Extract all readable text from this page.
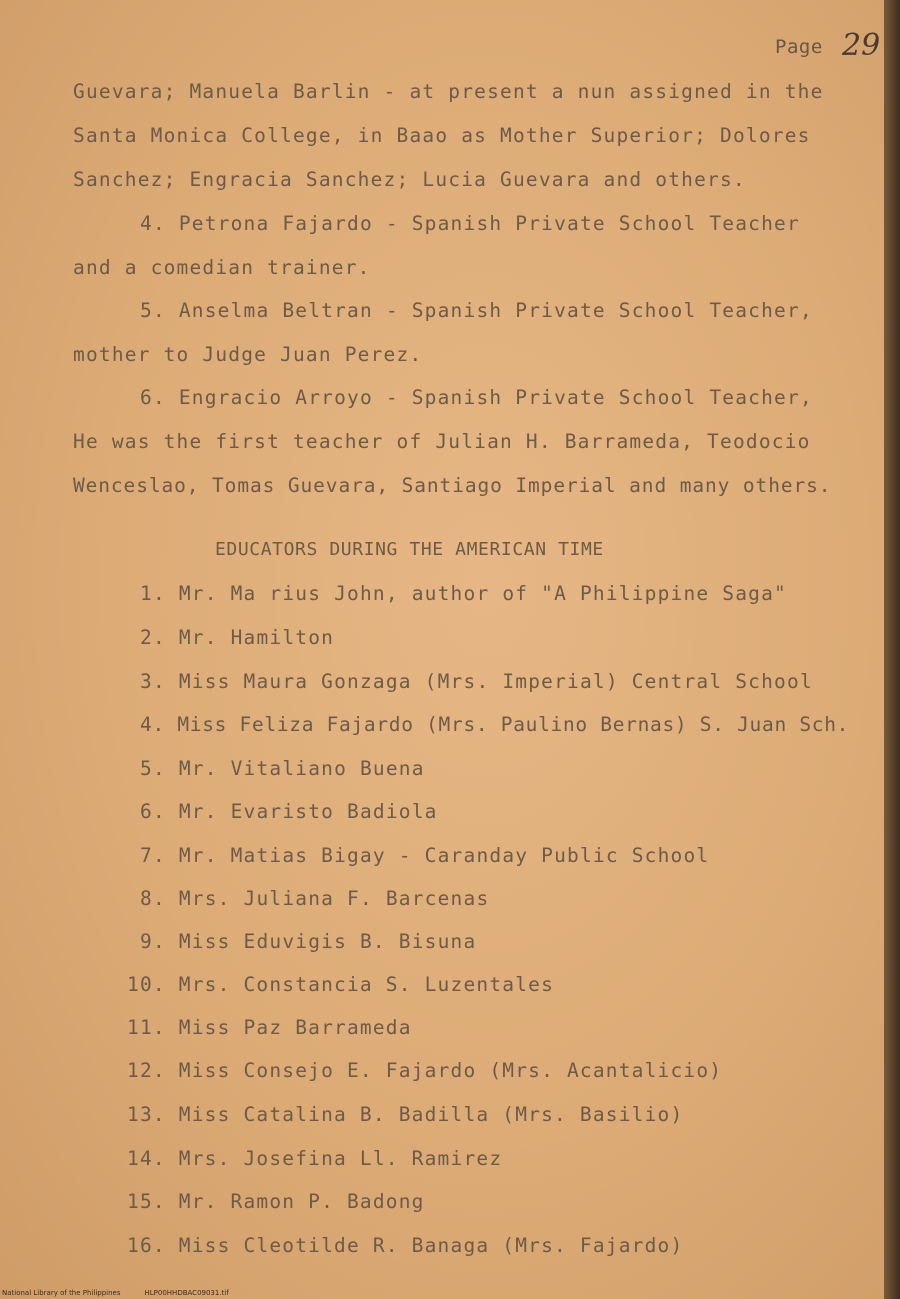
Page 29
Guevara; Manuela Barlin - at present a nun assigned in the
Santa Monica College, in Baao as Mother Superior; Dolores
Sanchez; Engracia Sanchez; Lucia Guevara and others.
4. Petrona Fajardo - Spanish Private School Teacher
and a comedian trainer.
5. Anselma Beltran - Spanish Private School Teacher,
mother to Judge Juan Perez.
6. Engracio Arroyo - Spanish Private School Teacher,
He was the first teacher of Julian H. Barrameda, Teodocio
Wenceslao, Tomas Guevara, Santiago Imperial and many others.
EDUCATORS DURING THE AMERICAN TIME
1. Mr. Ma rius John, author of "A Philippine Saga"
2. Mr. Hamilton
3. Miss Maura Gonzaga (Mrs. Imperial) Central School
4. Miss Feliza Fajardo (Mrs. Paulino Bernas) S. Juan Sch.
5. Mr. Vitaliano Buena
6. Mr. Evaristo Badiola
7. Mr. Matias Bigay - Caranday Public School
8. Mrs. Juliana F. Barcenas
9. Miss Eduvigis B. Bisuna
10. Mrs. Constancia S. Luzentales
11. Miss Paz Barrameda
12. Miss Consejo E. Fajardo (Mrs. Acantalicio)
13. Miss Catalina B. Badilla (Mrs. Basilio)
14. Mrs. Josefina Ll. Ramirez
15. Mr. Ramon P. Badong
16. Miss Cleotilde R. Banaga (Mrs. Fajardo)
National Library of the Philippines	HLP00HHDBAC09031.tif
